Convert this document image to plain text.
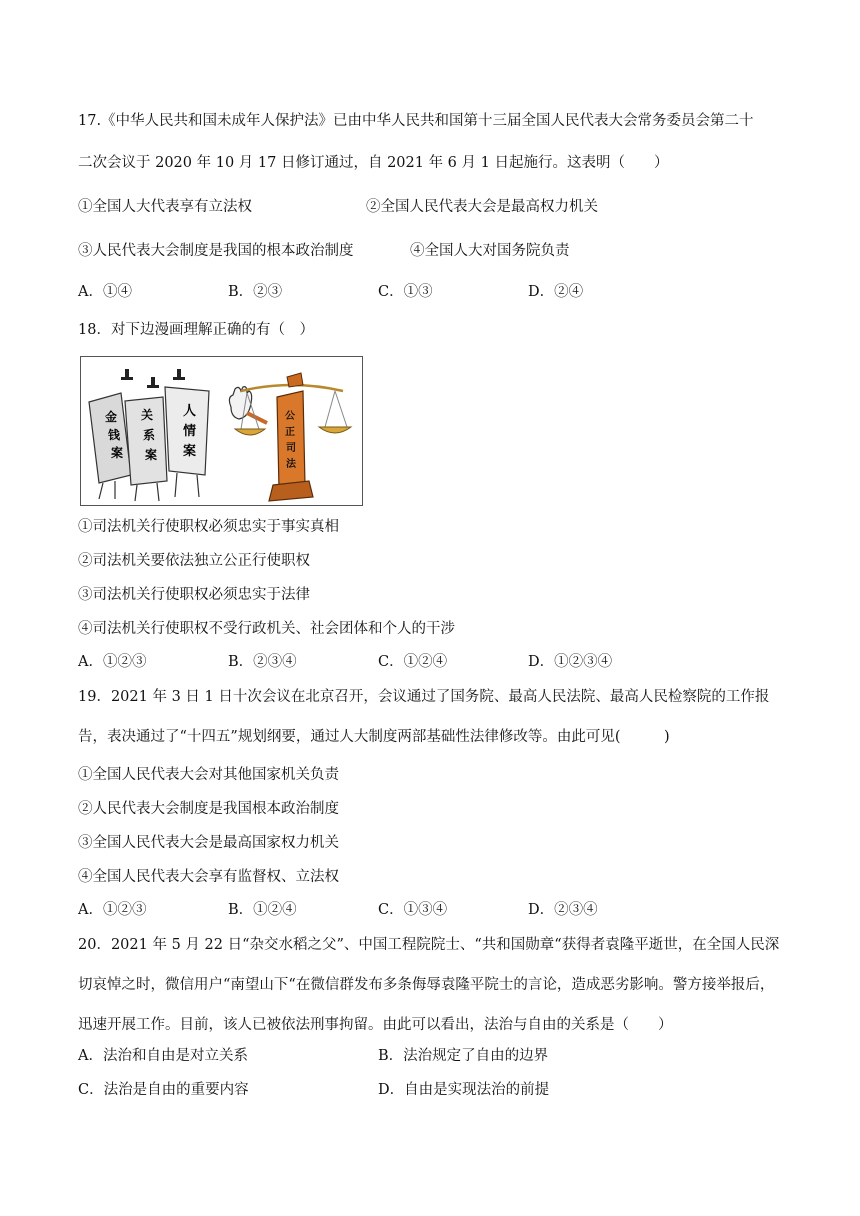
17.《中华人民共和国未成年人保护法》已由中华人民共和国第十三届全国人民代表大会常务委员会第二十
二次会议于 2020 年 10 月 17 日修订通过，自 2021 年 6 月 1 日起施行。这表明（　　）
①全国人大代表享有立法权	②全国人民代表大会是最高权力机关
③人民代表大会制度是我国的根本政治制度	④全国人大对国务院负责
A．①④	B．②③	C．①③	D．②④
18．对下边漫画理解正确的有（　）
金
钱
案
关
系
案
人
情
案
公
正
司
法
①司法机关行使职权必须忠实于事实真相
②司法机关要依法独立公正行使职权
③司法机关行使职权必须忠实于法律
④司法机关行使职权不受行政机关、社会团体和个人的干涉
A．①②③	B．②③④	C．①②④	D．①②③④
19．2021 年 3 日 1 日十次会议在北京召开，会议通过了国务院、最高人民法院、最高人民检察院的工作报
告，表决通过了“十四五”规划纲要，通过人大制度两部基础性法律修改等。由此可见(　　　)
①全国人民代表大会对其他国家机关负责
②人民代表大会制度是我国根本政治制度
③全国人民代表大会是最高国家权力机关
④全国人民代表大会享有监督权、立法权
A．①②③	B．①②④	C．①③④	D．②③④
20．2021 年 5 月 22 日“杂交水稻之父”、中国工程院院士、“共和国勋章“获得者袁隆平逝世，在全国人民深
切哀悼之时，微信用户“南望山下“在微信群发布多条侮辱袁隆平院士的言论，造成恶劣影响。警方接举报后，
迅速开展工作。目前，该人已被依法刑事拘留。由此可以看出，法治与自由的关系是（　　）
A．法治和自由是对立关系	B．法治规定了自由的边界
C．法治是自由的重要内容	D．自由是实现法治的前提
